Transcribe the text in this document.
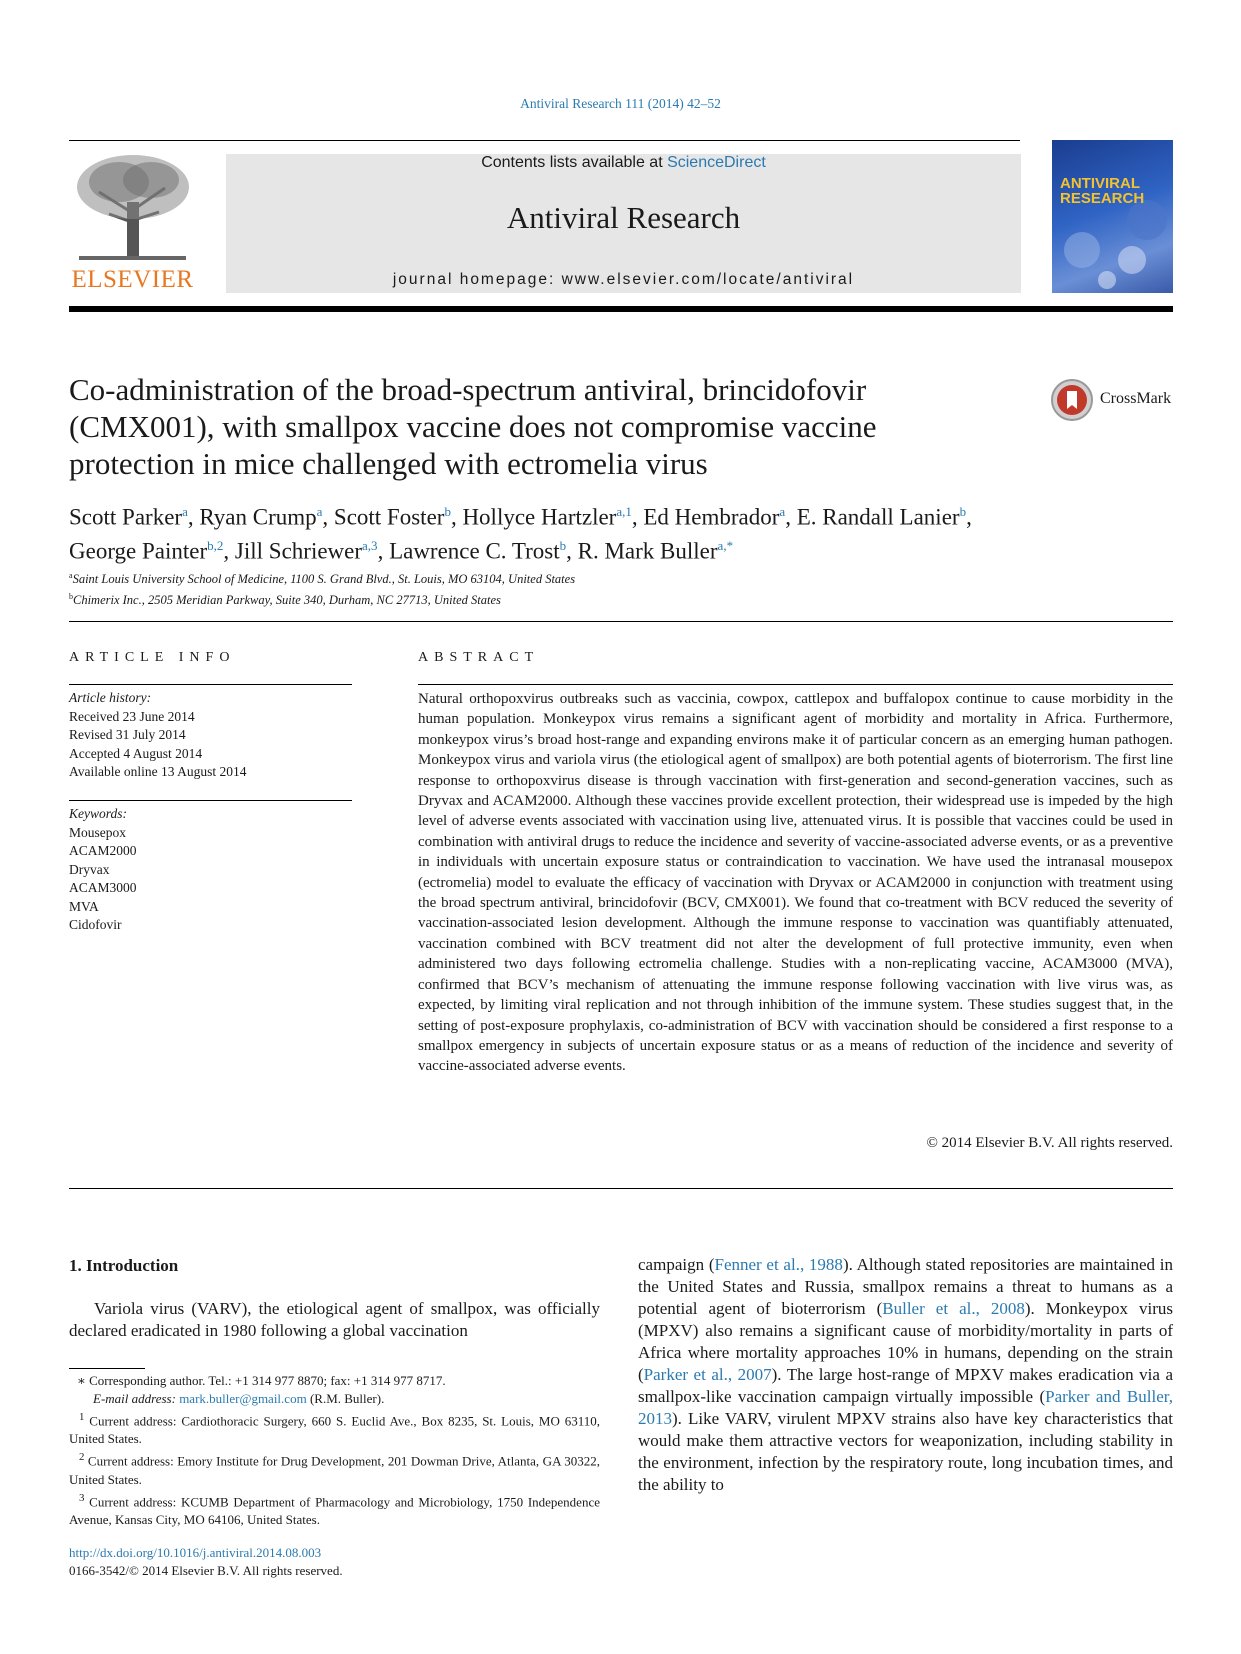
Antiviral Research 111 (2014) 42–52
ELSEVIER
Contents lists available at ScienceDirect
Antiviral Research
journal homepage: www.elsevier.com/locate/antiviral
ANTIVIRAL RESEARCH
Co-administration of the broad-spectrum antiviral, brincidofovir (CMX001), with smallpox vaccine does not compromise vaccine protection in mice challenged with ectromelia virus
CrossMark
Scott Parker$^a$, Ryan Crump$^a$, Scott Foster$^b$, Hollyce Hartzler$^{a,1}$, Ed Hembrador$^a$, E. Randall Lanier$^b$,
George Painter$^{b,2}$, Jill Schriewer$^{a,3}$, Lawrence C. Trost$^b$, R. Mark Buller$^{a,*}$
$^a$Saint Louis University School of Medicine, 1100 S. Grand Blvd., St. Louis, MO 63104, United States
$^b$Chimerix Inc., 2505 Meridian Parkway, Suite 340, Durham, NC 27713, United States
ARTICLE INFO
Article history:
Received 23 June 2014
Revised 31 July 2014
Accepted 4 August 2014
Available online 13 August 2014
Keywords:
Mousepox
ACAM2000
Dryvax
ACAM3000
MVA
Cidofovir
ABSTRACT
Natural orthopoxvirus outbreaks such as vaccinia, cowpox, cattlepox and buffalopox continue to cause morbidity in the human population. Monkeypox virus remains a significant agent of morbidity and mortality in Africa. Furthermore, monkeypox virus’s broad host-range and expanding environs make it of particular concern as an emerging human pathogen. Monkeypox virus and variola virus (the etiological agent of smallpox) are both potential agents of bioterrorism. The first line response to orthopoxvirus disease is through vaccination with first-generation and second-generation vaccines, such as Dryvax and ACAM2000. Although these vaccines provide excellent protection, their widespread use is impeded by the high level of adverse events associated with vaccination using live, attenuated virus. It is possible that vaccines could be used in combination with antiviral drugs to reduce the incidence and severity of vaccine-associated adverse events, or as a preventive in individuals with uncertain exposure status or contraindication to vaccination. We have used the intranasal mousepox (ectromelia) model to evaluate the efficacy of vaccination with Dryvax or ACAM2000 in conjunction with treatment using the broad spectrum antiviral, brincidofovir (BCV, CMX001). We found that co-treatment with BCV reduced the severity of vaccination-associated lesion development. Although the immune response to vaccination was quantifiably attenuated, vaccination combined with BCV treatment did not alter the development of full protective immunity, even when administered two days following ectromelia challenge. Studies with a non-replicating vaccine, ACAM3000 (MVA), confirmed that BCV’s mechanism of attenuating the immune response following vaccination with live virus was, as expected, by limiting viral replication and not through inhibition of the immune system. These studies suggest that, in the setting of post-exposure prophylaxis, co-administration of BCV with vaccination should be considered a first response to a smallpox emergency in subjects of uncertain exposure status or as a means of reduction of the incidence and severity of vaccine-associated adverse events.
© 2014 Elsevier B.V. All rights reserved.
1. Introduction
Variola virus (VARV), the etiological agent of smallpox, was officially declared eradicated in 1980 following a global vaccination
campaign (Fenner et al., 1988). Although stated repositories are maintained in the United States and Russia, smallpox remains a threat to humans as a potential agent of bioterrorism (Buller et al., 2008). Monkeypox virus (MPXV) also remains a significant cause of morbidity/mortality in parts of Africa where mortality approaches 10% in humans, depending on the strain (Parker et al., 2007). The large host-range of MPXV makes eradication via a smallpox-like vaccination campaign virtually impossible (Parker and Buller, 2013). Like VARV, virulent MPXV strains also have key characteristics that would make them attractive vectors for weaponization, including stability in the environment, infection by the respiratory route, long incubation times, and the ability to

∗ Corresponding author. Tel.: +1 314 977 8870; fax: +1 314 977 8717.

E-mail address: mark.buller@gmail.com (R.M. Buller).

$^1$ Current address: Cardiothoracic Surgery, 660 S. Euclid Ave., Box 8235, St. Louis, MO 63110, United States.

$^2$ Current address: Emory Institute for Drug Development, 201 Dowman Drive, Atlanta, GA 30322, United States.

$^3$ Current address: KCUMB Department of Pharmacology and Microbiology, 1750 Independence Avenue, Kansas City, MO 64106, United States.

http://dx.doi.org/10.1016/j.antiviral.2014.08.003
0166-3542/© 2014 Elsevier B.V. All rights reserved.
